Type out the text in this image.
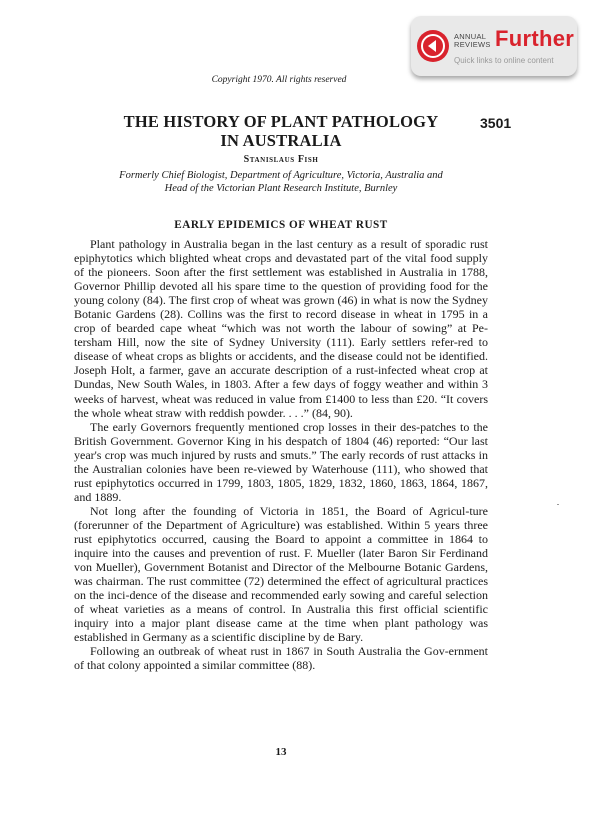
ANNUAL
REVIEWS Further
Quick links to online content
Copyright 1970. All rights reserved
THE HISTORY OF PLANT PATHOLOGY
IN AUSTRALIA
3501
Stanislaus Fish
Formerly Chief Biologist, Department of Agriculture, Victoria, Australia and
Head of the Victorian Plant Research Institute, Burnley
EARLY EPIDEMICS OF WHEAT RUST

Plant pathology in Australia began in the last century as a result of sporadic rust epiphytotics which blighted wheat crops and devastated part of the vital food supply of the pioneers. Soon after the first settlement was established in Australia in 1788, Governor Phillip devoted all his spare time to the question of providing food for the young colony (84). The first crop of wheat was grown (46) in what is now the Sydney Botanic Gardens (28). Collins was the first to record disease in wheat in 1795 in a crop of bearded cape wheat “which was not worth the labour of sowing” at Pe-tersham Hill, now the site of Sydney University (111). Early settlers refer-red to disease of wheat crops as blights or accidents, and the disease could not be identified. Joseph Holt, a farmer, gave an accurate description of a rust-infected wheat crop at Dundas, New South Wales, in 1803. After a few days of foggy weather and within 3 weeks of harvest, wheat was reduced in value from £1400 to less than £20. “It covers the whole wheat straw with reddish powder. . . .” (84, 90).

The early Governors frequently mentioned crop losses in their des-patches to the British Government. Governor King in his despatch of 1804 (46) reported: “Our last year's crop was much injured by rusts and smuts.” The early records of rust attacks in the Australian colonies have been re-viewed by Waterhouse (111), who showed that rust epiphytotics occurred in 1799, 1803, 1805, 1829, 1832, 1860, 1863, 1864, 1867, and 1889.

Not long after the founding of Victoria in 1851, the Board of Agricul-ture (forerunner of the Department of Agriculture) was established. Within 5 years three rust epiphytotics occurred, causing the Board to appoint a committee in 1864 to inquire into the causes and prevention of rust. F. Mueller (later Baron Sir Ferdinand von Mueller), Government Botanist and Director of the Melbourne Botanic Gardens, was chairman. The rust committee (72) determined the effect of agricultural practices on the inci-dence of the disease and recommended early sowing and careful selection of wheat varieties as a means of control. In Australia this first official scientific inquiry into a major plant disease came at the time when plant pathology was established in Germany as a scientific discipline by de Bary.

Following an outbreak of wheat rust in 1867 in South Australia the Gov-ernment of that colony appointed a similar committee (88).

13
